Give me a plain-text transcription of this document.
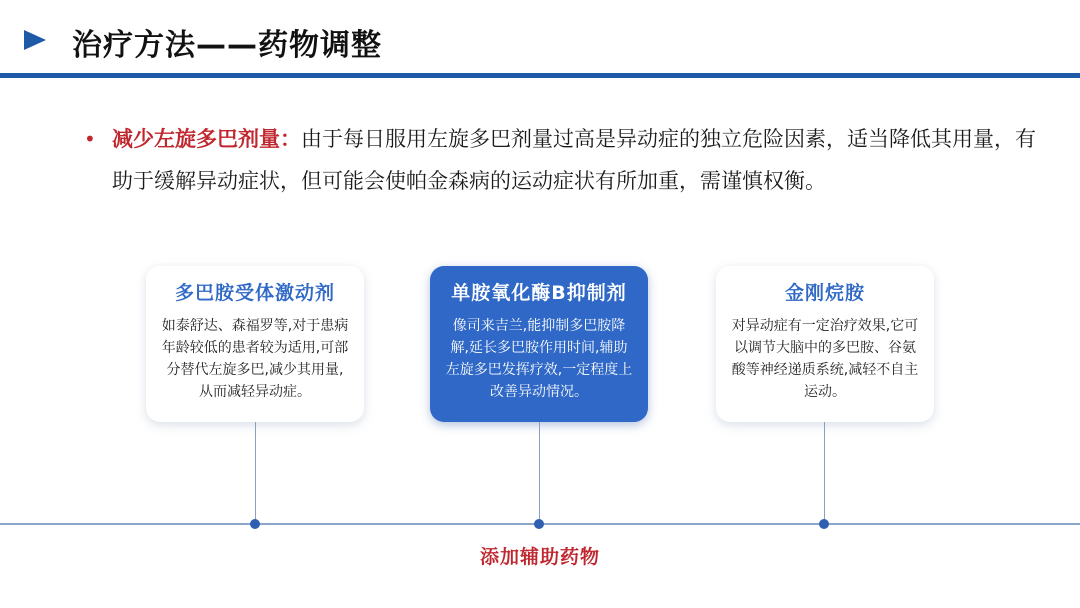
治疗方法——药物调整
• 减少左旋多巴剂量：由于每日服用左旋多巴剂量过高是异动症的独立危险因素，适当降低其用量，有助于缓解异动症状，但可能会使帕金森病的运动症状有所加重，需谨慎权衡。
多巴胺受体激动剂
如泰舒达、森福罗等,对于患病年龄较低的患者较为适用,可部分替代左旋多巴,减少其用量,从而减轻异动症。
单胺氧化酶B抑制剂
像司来吉兰,能抑制多巴胺降解,延长多巴胺作用时间,辅助左旋多巴发挥疗效,一定程度上改善异动情况。
金刚烷胺
对异动症有一定治疗效果,它可以调节大脑中的多巴胺、谷氨酸等神经递质系统,减轻不自主运动。
添加辅助药物
